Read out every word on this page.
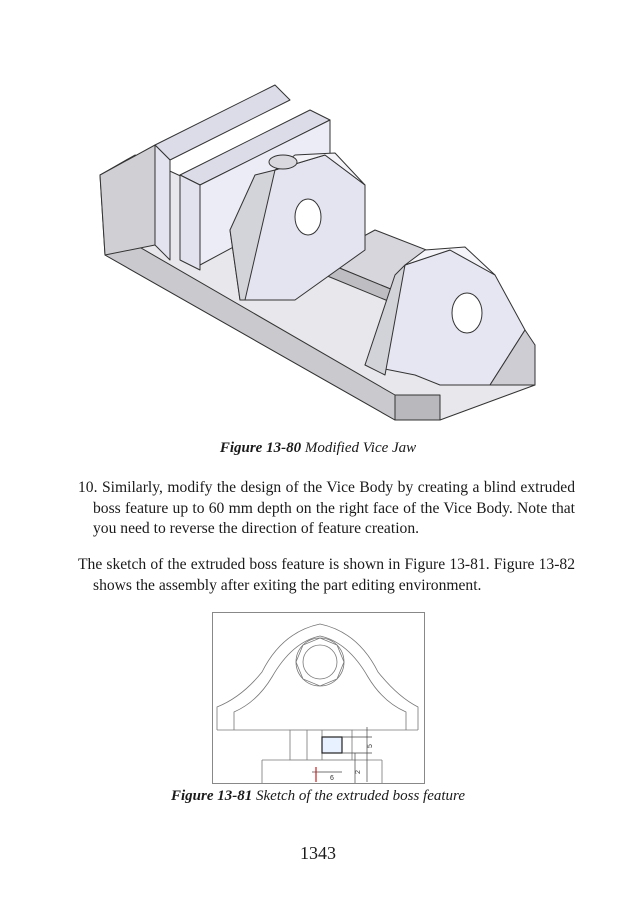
Figure 13-80 Modified Vice Jaw
10. Similarly, modify the design of the Vice Body by creating a blind extruded boss feature up to 60 mm depth on the right face of the Vice Body. Note that you need to reverse the direction of feature creation.
The sketch of the extruded boss feature is shown in Figure 13-81. Figure 13-82 shows the assembly after exiting the part editing environment.
5
6
2
Figure 13-81 Sketch of the extruded boss feature
1343
